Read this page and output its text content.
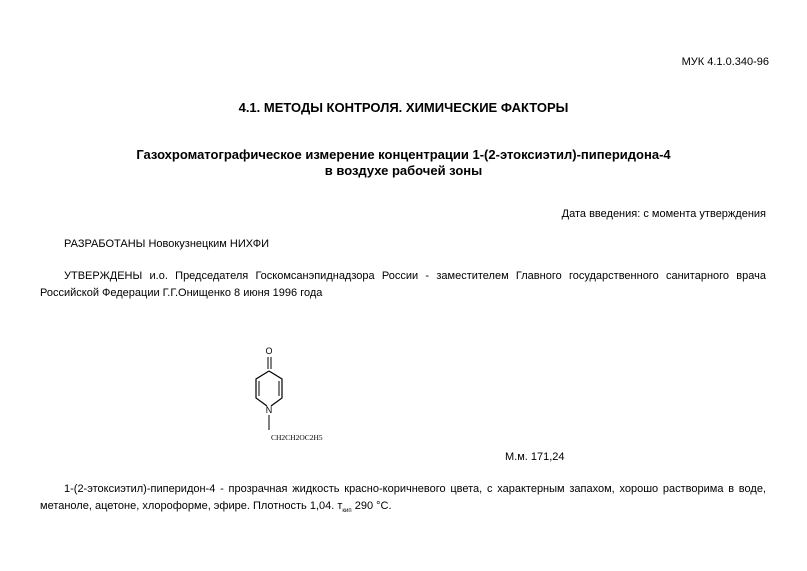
МУК 4.1.0.340-96
4.1. МЕТОДЫ КОНТРОЛЯ. ХИМИЧЕСКИЕ ФАКТОРЫ
Газохроматографическое измерение концентрации 1-(2-этоксиэтил)-пиперидона-4
в воздухе рабочей зоны
Дата введения: с момента утверждения
РАЗРАБОТАНЫ Новокузнецким НИХФИ
УТВЕРЖДЕНЫ и.о. Председателя Госкомсанэпиднадзора России - заместителем Главного государственного санитарного врача Российской Федерации Г.Г.Онищенко 8 июня 1996 года
O
N
CH2CH2OC2H5
М.м. 171,24
1-(2-этоксиэтил)-пиперидон-4 - прозрачная жидкость красно-коричневого цвета, с характерным запахом, хорошо растворима в воде, метаноле, ацетоне, хлороформе, эфире. Плотность 1,04. $т_{кип}$ 290 °С.
